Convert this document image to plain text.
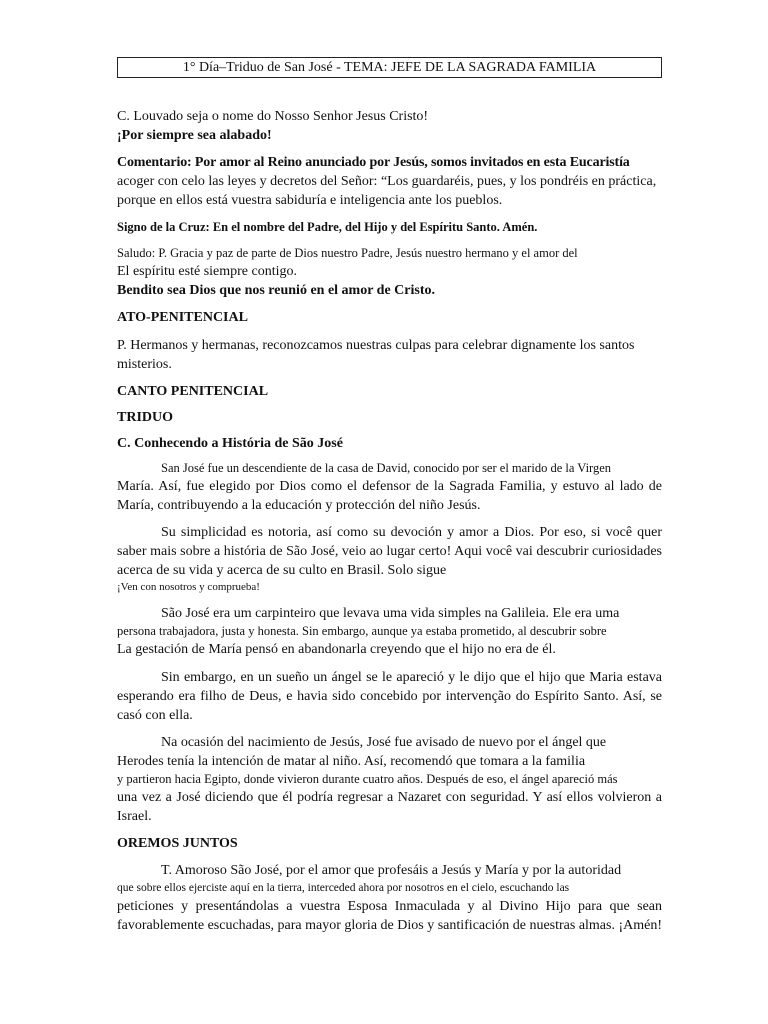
1° Día–Triduo de San José - TEMA: JEFE DE LA SAGRADA FAMILIA

C. Louvado seja o nome do Nosso Senhor Jesus Cristo!

¡Por siempre sea alabado!

Comentario: Por amor al Reino anunciado por Jesús, somos invitados en esta Eucaristía

acoger con celo las leyes y decretos del Señor: “Los guardaréis, pues, y los pondréis en práctica, porque en ellos está vuestra sabiduría e inteligencia ante los pueblos.

Signo de la Cruz: En el nombre del Padre, del Hijo y del Espíritu Santo. Amén.

Saludo: P. Gracia y paz de parte de Dios nuestro Padre, Jesús nuestro hermano y el amor del

El espíritu esté siempre contigo.

Bendito sea Dios que nos reunió en el amor de Cristo.

ATO-PENITENCIAL

P. Hermanos y hermanas, reconozcamos nuestras culpas para celebrar dignamente los santos misterios.

CANTO PENITENCIAL

TRIDUO

C. Conhecendo a História de São José

San José fue un descendiente de la casa de David, conocido por ser el marido de la Virgen

María. Así, fue elegido por Dios como el defensor de la Sagrada Familia, y estuvo al lado de María, contribuyendo a la educación y protección del niño Jesús.

Su simplicidad es notoria, así como su devoción y amor a Dios. Por eso, si você quer saber mais sobre a história de São José, veio ao lugar certo! Aqui você vai descubrir curiosidades acerca de su vida y acerca de su culto en Brasil. Solo sigue

¡Ven con nosotros y comprueba!

São José era um carpinteiro que levava uma vida simples na Galileia. Ele era uma

persona trabajadora, justa y honesta. Sin embargo, aunque ya estaba prometido, al descubrir sobre

La gestación de María pensó en abandonarla creyendo que el hijo no era de él.

Sin embargo, en un sueño un ángel se le apareció y le dijo que el hijo que Maria estava esperando era filho de Deus, e havia sido concebido por intervenção do Espírito Santo. Así, se casó con ella.

Na ocasión del nacimiento de Jesús, José fue avisado de nuevo por el ángel que

Herodes tenía la intención de matar al niño. Así, recomendó que tomara a la familia

y partieron hacia Egipto, donde vivieron durante cuatro años. Después de eso, el ángel apareció más

una vez a José diciendo que él podría regresar a Nazaret con seguridad. Y así ellos volvieron a Israel.

OREMOS JUNTOS

T. Amoroso São José, por el amor que profesáis a Jesús y María y por la autoridad

que sobre ellos ejerciste aquí en la tierra, interceded ahora por nosotros en el cielo, escuchando las

peticiones y presentándolas a vuestra Esposa Inmaculada y al Divino Hijo para que sean favorablemente escuchadas, para mayor gloria de Dios y santificación de nuestras almas. ¡Amén!
